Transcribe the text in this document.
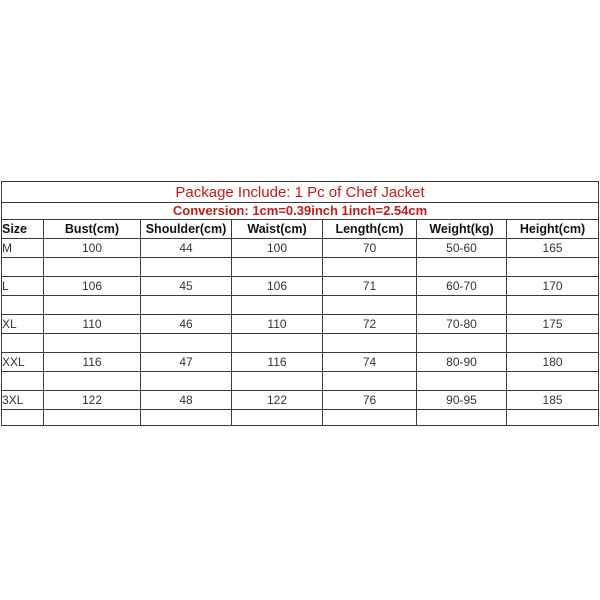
Package Include: 1 Pc of Chef Jacket						
Conversion: 1cm=0.39inch 1inch=2.54cm						
Size	Bust(cm)	Shoulder(cm)	Waist(cm)	Length(cm)	Weight(kg)	Height(cm)
M	100	44	100	70	50-60	165

L	106	45	106	71	60-70	170

XL	110	46	110	72	70-80	175

XXL	116	47	116	74	80-90	180

3XL	122	48	122	76	90-95	185
